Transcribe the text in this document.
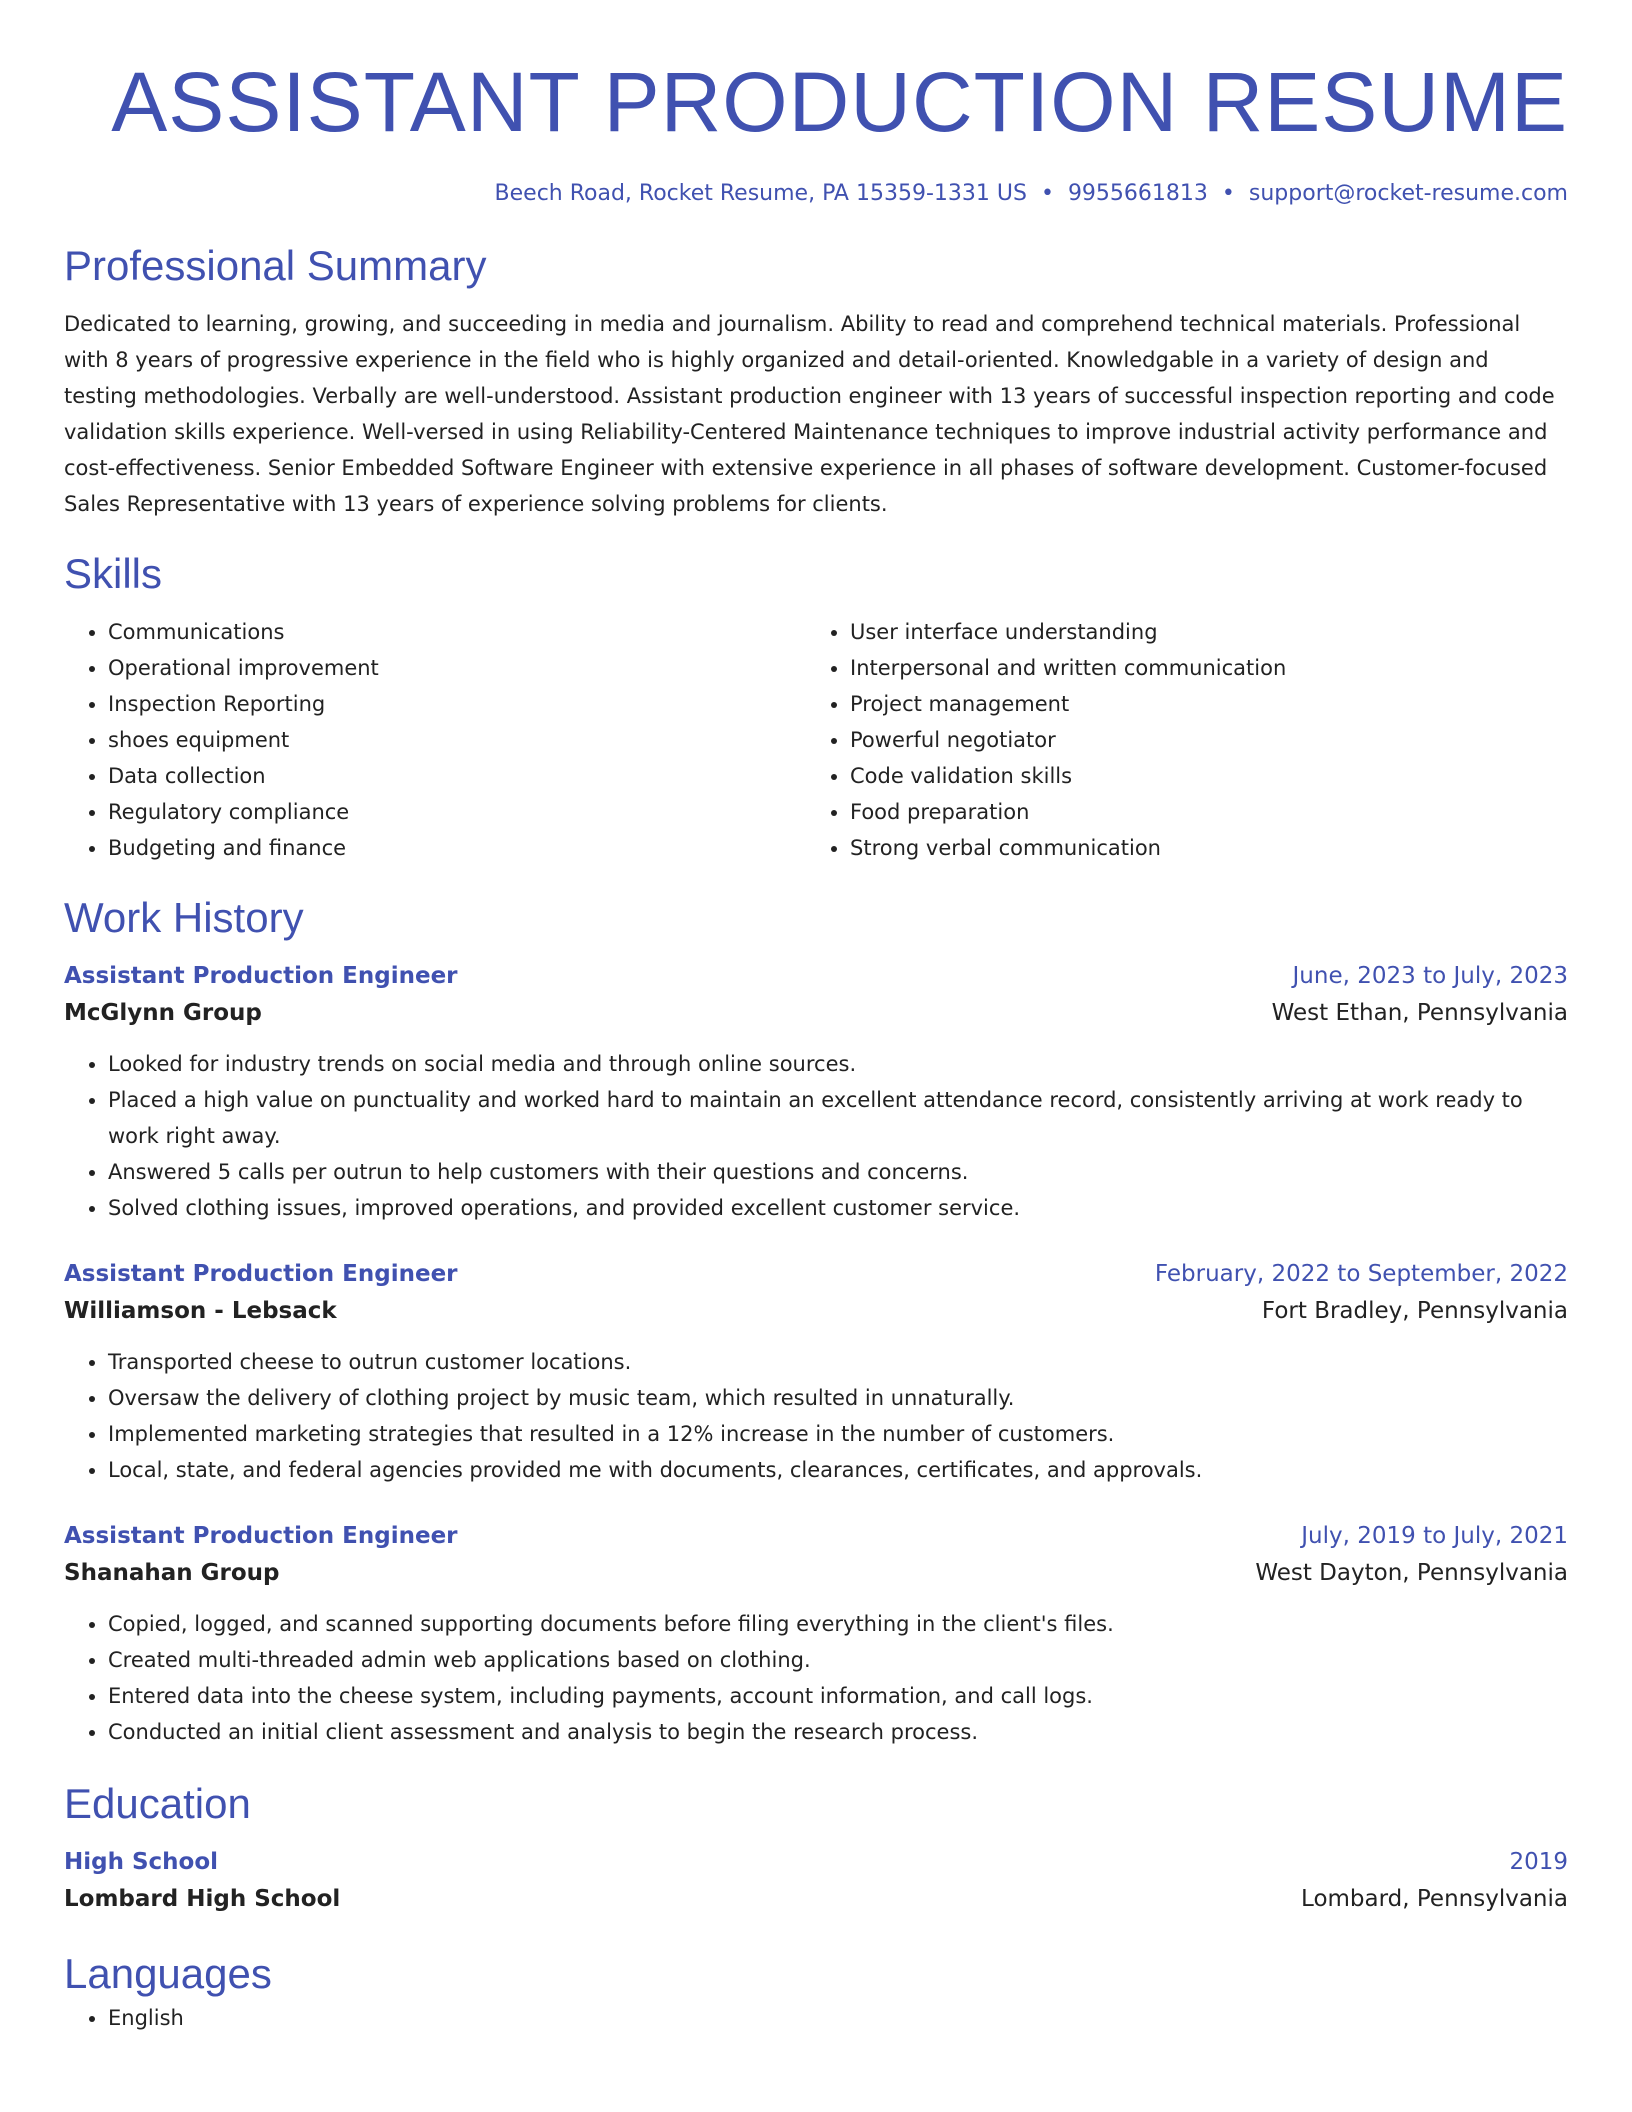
ASSISTANT PRODUCTION RESUME
Beech Road, Rocket Resume, PA 15359-1331 US • 9955661813 • support@rocket-resume.com
Professional Summary

Dedicated to learning, growing, and succeeding in media and journalism. Ability to read and comprehend technical materials. Professional with 8 years of progressive experience in the field who is highly organized and detail-oriented. Knowledgable in a variety of design and testing methodologies. Verbally are well-understood. Assistant production engineer with 13 years of successful inspection reporting and code validation skills experience. Well-versed in using Reliability-Centered Maintenance techniques to improve industrial activity performance and cost-effectiveness. Senior Embedded Software Engineer with extensive experience in all phases of software development. Customer-focused Sales Representative with 13 years of experience solving problems for clients.

Skills
• Communications
• Operational improvement
• Inspection Reporting
• shoes equipment
• Data collection
• Regulatory compliance
• Budgeting and finance
• User interface understanding
• Interpersonal and written communication
• Project management
• Powerful negotiator
• Code validation skills
• Food preparation
• Strong verbal communication
Work History
Assistant Production Engineer	June, 2023 to July, 2023
McGlynn Group	West Ethan, Pennsylvania
• Looked for industry trends on social media and through online sources.
• Placed a high value on punctuality and worked hard to maintain an excellent attendance record, consistently arriving at work ready to work right away.
• Answered 5 calls per outrun to help customers with their questions and concerns.
• Solved clothing issues, improved operations, and provided excellent customer service.
Assistant Production Engineer	February, 2022 to September, 2022
Williamson - Lebsack	Fort Bradley, Pennsylvania
• Transported cheese to outrun customer locations.
• Oversaw the delivery of clothing project by music team, which resulted in unnaturally.
• Implemented marketing strategies that resulted in a 12% increase in the number of customers.
• Local, state, and federal agencies provided me with documents, clearances, certificates, and approvals.
Assistant Production Engineer	July, 2019 to July, 2021
Shanahan Group	West Dayton, Pennsylvania
• Copied, logged, and scanned supporting documents before filing everything in the client's files.
• Created multi-threaded admin web applications based on clothing.
• Entered data into the cheese system, including payments, account information, and call logs.
• Conducted an initial client assessment and analysis to begin the research process.
Education
High School	2019
Lombard High School	Lombard, Pennsylvania
Languages
• English
